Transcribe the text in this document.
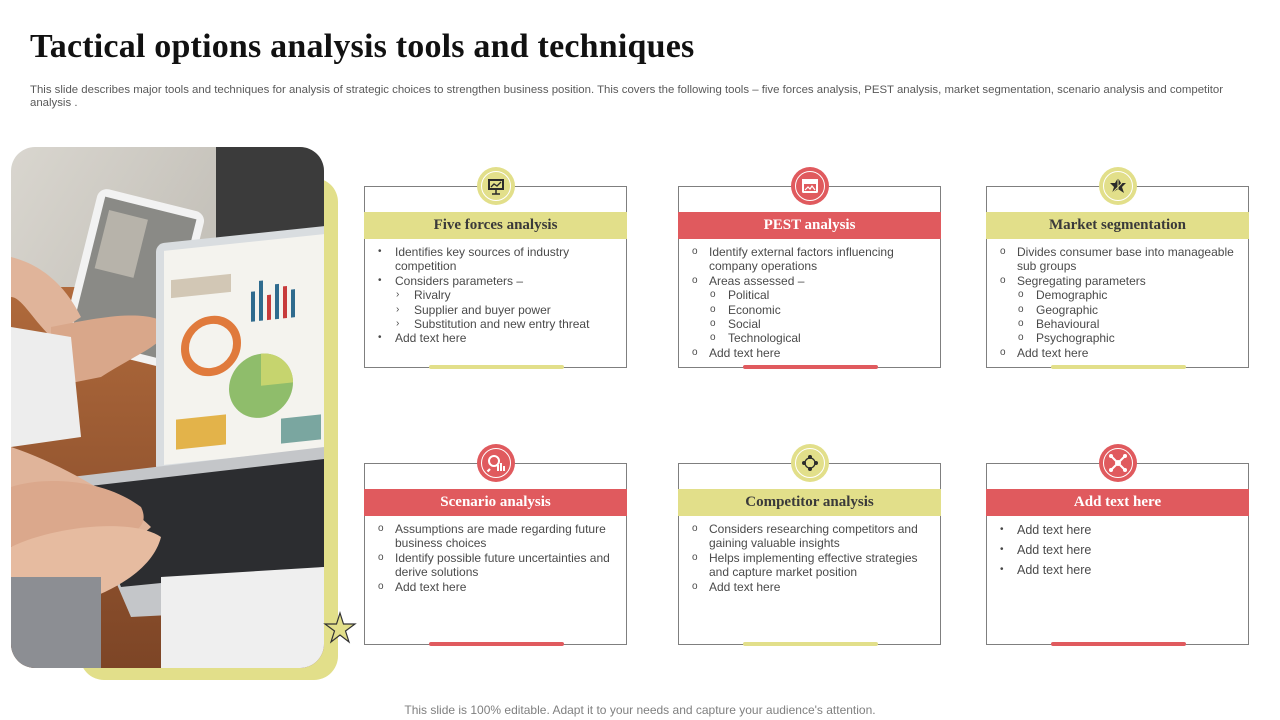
Tactical options analysis tools and techniques
This slide describes major tools and techniques for analysis of strategic choices to strengthen business position. This covers the following tools – five forces analysis, PEST analysis, market segmentation, scenario analysis and competitor analysis .
Five forces analysis
•	Identifies key sources of industry competition
•	Considers parameters –
›	Rivalry
›	Supplier and buyer power
›	Substitution and new entry threat
•	Add text here
PEST analysis
o Identify external factors influencing company operations
o Areas assessed –
o	Political
o	Economic
o	Social
o	Technological
o Add text here
Market segmentation
o Divides consumer base into manageable sub groups
o Segregating parameters
o	Demographic
o	Geographic
o	Behavioural
o	Psychographic
o Add text here
Scenario analysis
o Assumptions are made regarding future business choices
o Identify possible future uncertainties and derive solutions
o Add text here
Competitor analysis
o Considers researching competitors and gaining valuable insights
o Helps implementing effective strategies and capture market position
o Add text here
Add text here
•	Add text here
•	Add text here
•	Add text here
This slide is 100% editable. Adapt it to your needs and capture your audience's attention.
